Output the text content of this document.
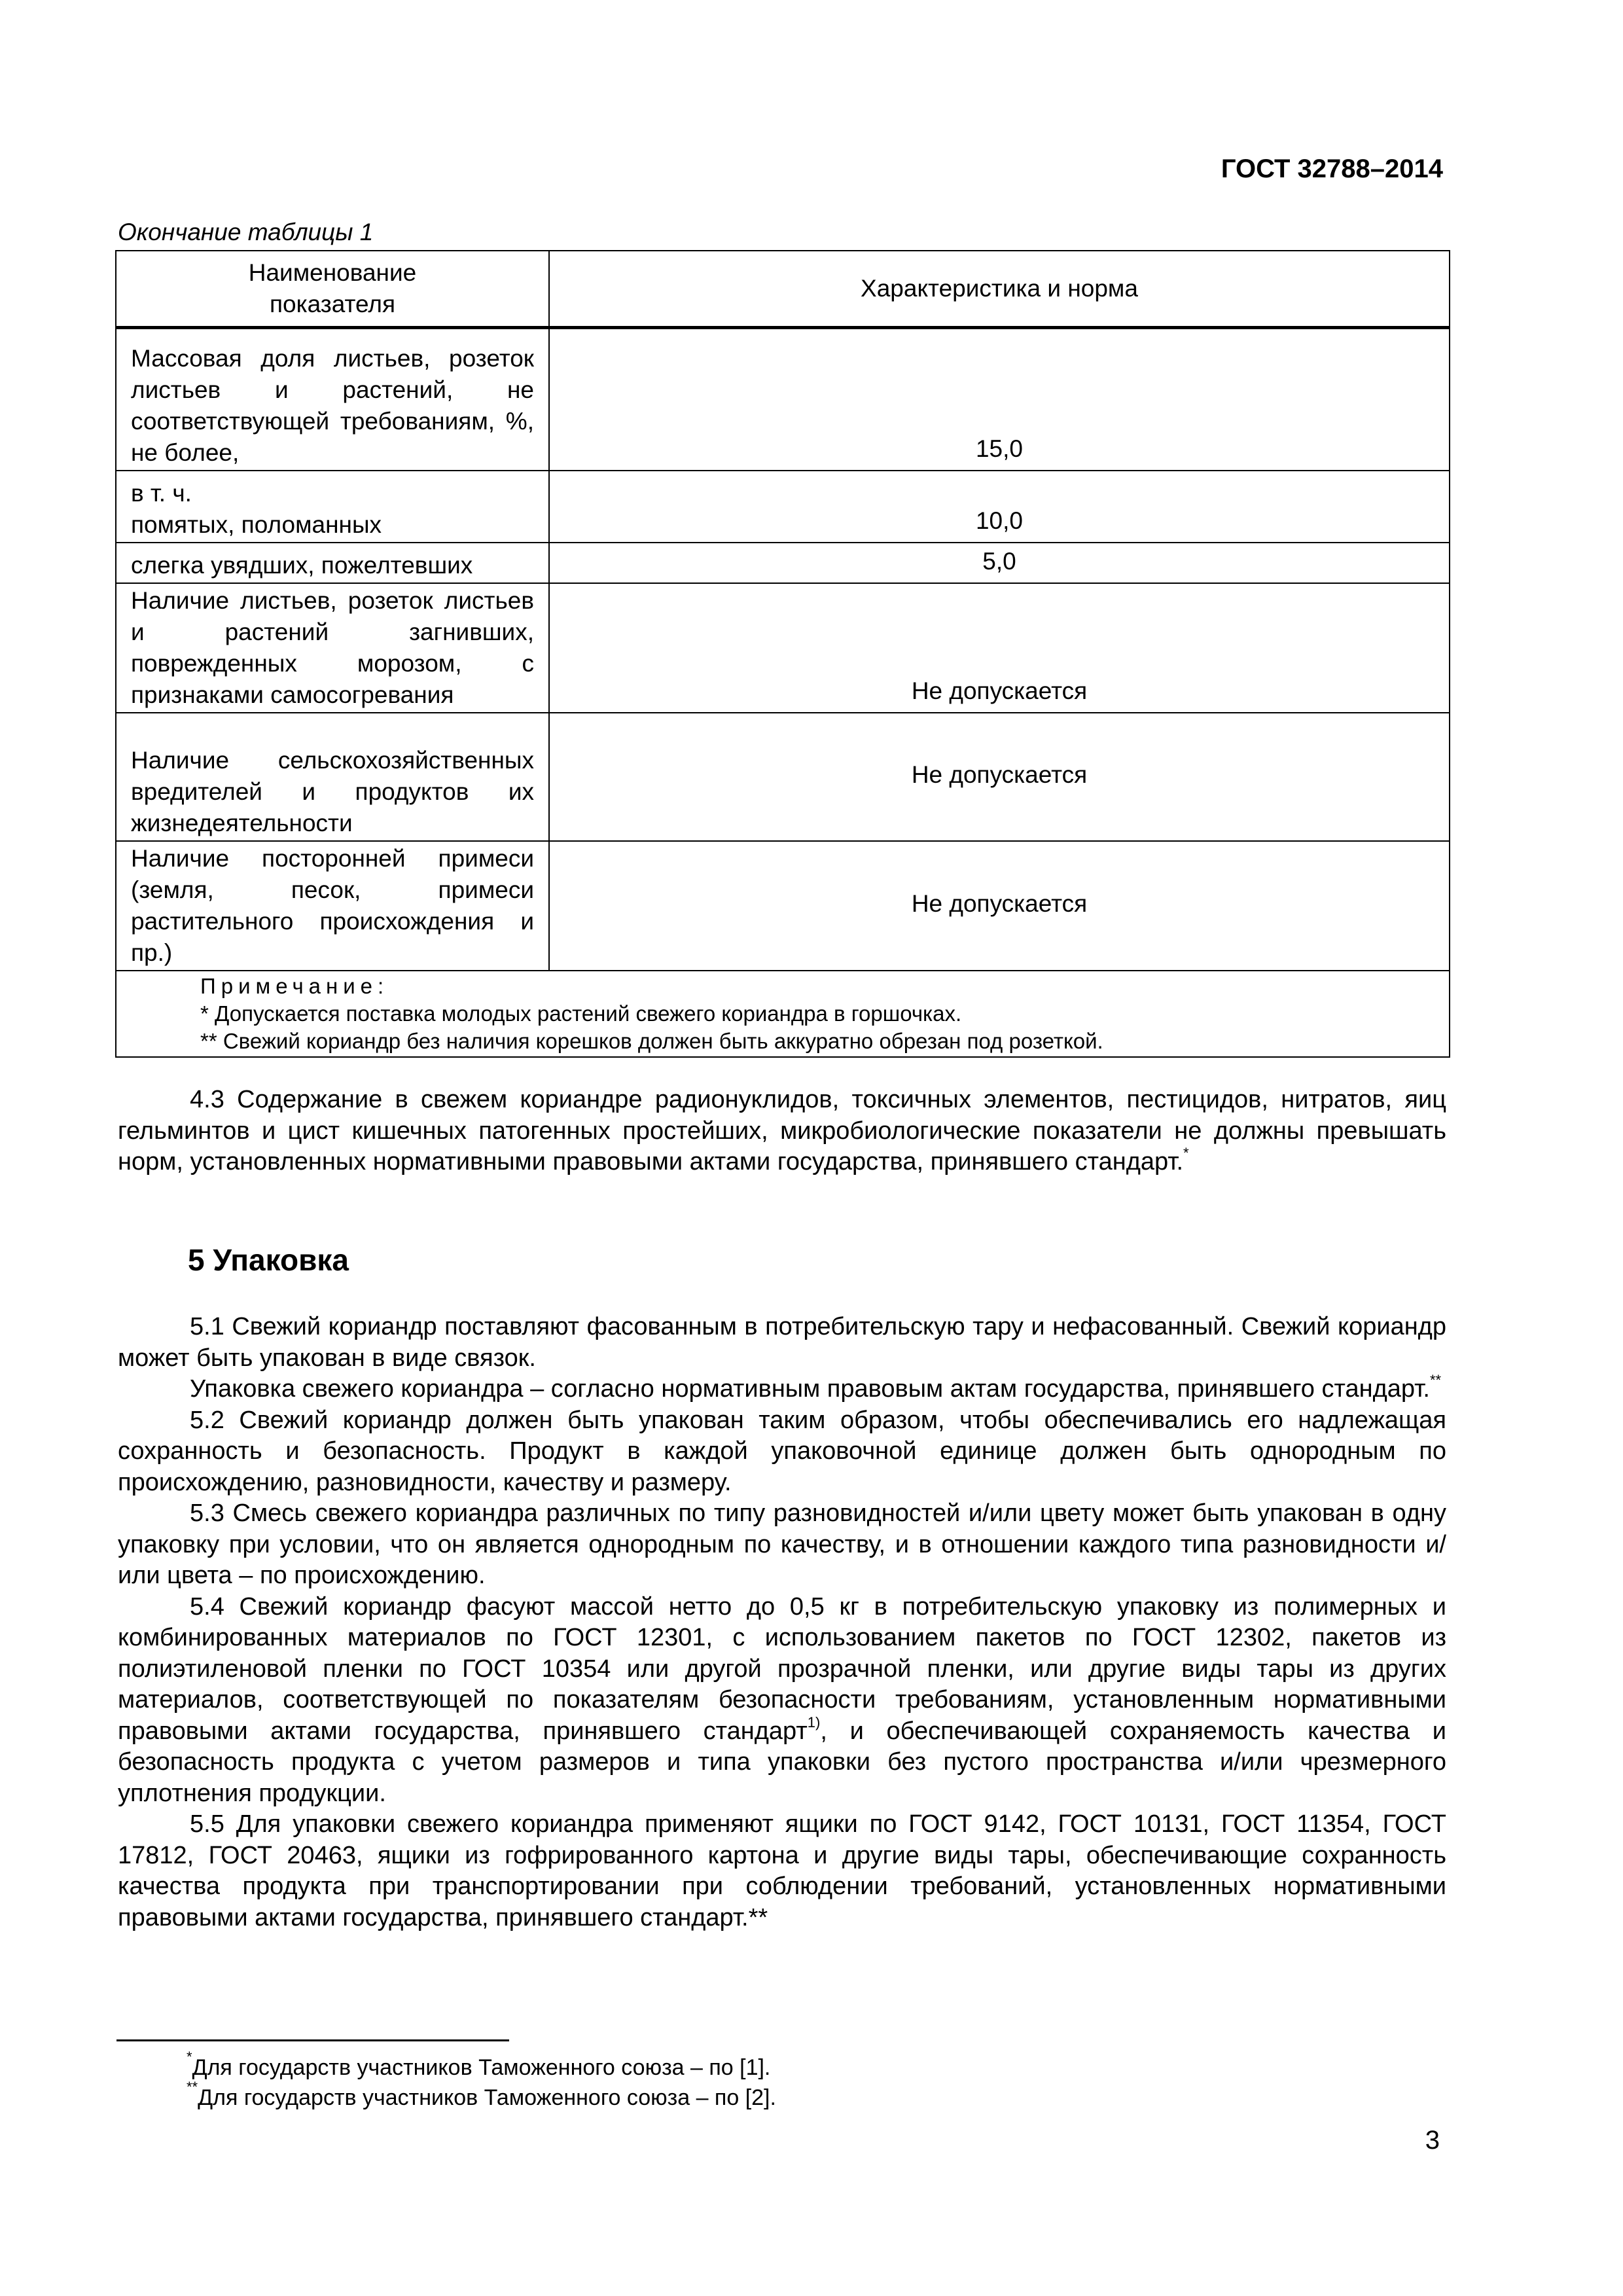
ГОСТ 32788–2014
Окончание таблицы 1
Наименование
показателя	Характеристика и норма
Массовая доля листьев, розеток листьев и растений, не соответствующей требованиям, %, не более,	15,0

в т. ч.
помятых, поломанных	10,0
слегка увядших, пожелтевших	5,0
Наличие листьев, розеток листьев и растений загнивших, поврежденных морозом, с признаками самосогревания	Не допускается
Наличие сельскохозяйственных вредителей и продуктов их жизнедеятельности	Не допускается
Наличие посторонней примеси (земля, песок, примеси растительного происхождения и пр.)	Не допускается

Примечание:
* Допускается поставка молодых растений свежего кориандра в горшочках.
** Свежий кориандр без наличия корешков должен быть аккуратно обрезан под розеткой.	

4.3 Содержание в свежем кориандре радионуклидов, токсичных элементов, пестицидов, нитратов, яиц гельминтов и цист кишечных патогенных простейших, микробиологические показатели не должны превышать норм, установленных нормативными правовыми актами государства, принявшего стандарт.*

5 Упаковка

5.1 Свежий кориандр поставляют фасованным в потребительскую тару и нефасованный. Свежий кориандр может быть упакован в виде связок.

Упаковка свежего кориандра – согласно нормативным правовым актам государства, принявшего стандарт.**

5.2 Свежий кориандр должен быть упакован таким образом, чтобы обеспечивались его надлежащая сохранность и безопасность. Продукт в каждой упаковочной единице должен быть однородным по происхождению, разновидности, качеству и размеру.

5.3 Смесь свежего кориандра различных по типу разновидностей и/или цвету может быть упакован в одну упаковку при условии, что он является однородным по качеству, и в отношении каждого типа разновидности и/или цвета – по происхождению.

5.4 Свежий кориандр фасуют массой нетто до 0,5 кг в потребительскую упаковку из полимерных и комбинированных материалов по ГОСТ 12301, с использованием пакетов по ГОСТ 12302, пакетов из полиэтиленовой пленки по ГОСТ 10354 или другой прозрачной пленки, или другие виды тары из других материалов, соответствующей по показателям безопасности требованиям, установленным нормативными правовыми актами государства, принявшего стандарт$^{1)}$, и обеспечивающей сохраняемость качества и безопасность продукта с учетом размеров и типа упаковки без пустого пространства и/или чрезмерного уплотнения продукции.

5.5 Для упаковки свежего кориандра применяют ящики по ГОСТ 9142, ГОСТ 10131, ГОСТ 11354, ГОСТ 17812, ГОСТ 20463, ящики из гофрированного картона и другие виды тары, обеспечивающие сохранность качества продукта при транспортировании при соблюдении требований, установленных нормативными правовыми актами государства, принявшего стандарт.**

*Для государств участников Таможенного союза – по [1].
**Для государств участников Таможенного союза – по [2].
3
